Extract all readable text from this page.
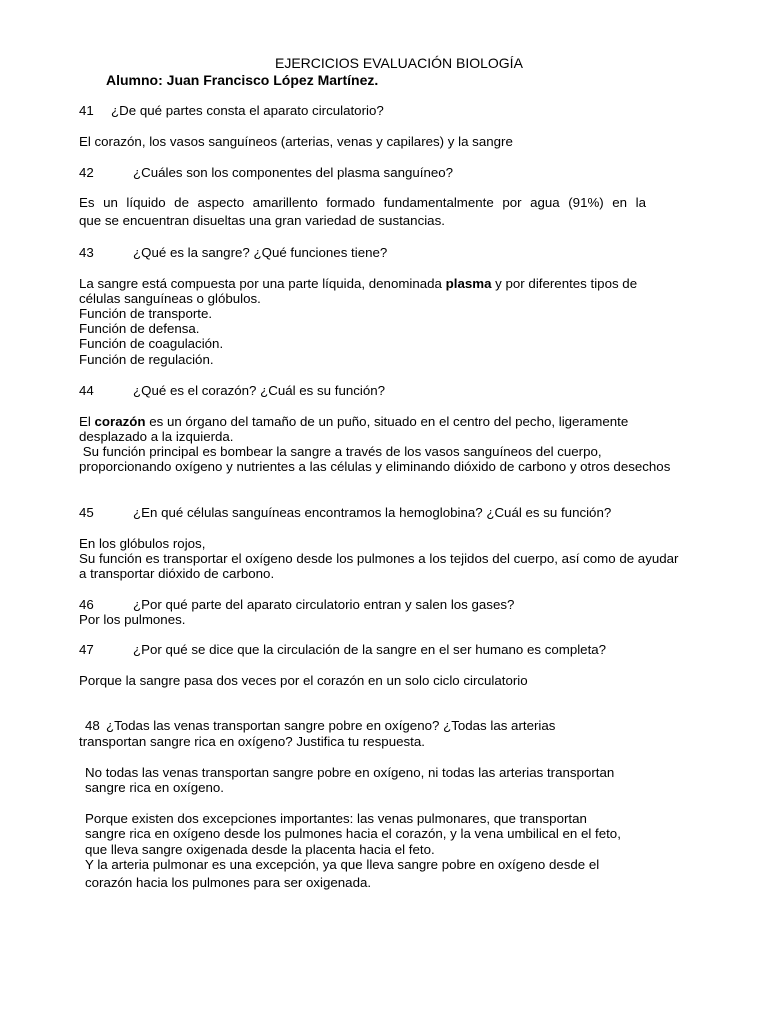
EJERCICIOS EVALUACIÓN BIOLOGÍA
Alumno: Juan Francisco López Martínez.
41 ¿De qué partes consta el aparato circulatorio?
El corazón, los vasos sanguíneos (arterias, venas y capilares) y la sangre
42	¿Cuáles son los componentes del plasma sanguíneo?
Es un líquido de aspecto amarillento formado fundamentalmente por agua (91%) en la
que se encuentran disueltas una gran variedad de sustancias.
43	¿Qué es la sangre? ¿Qué funciones tiene?
La sangre está compuesta por una parte líquida, denominada plasma y por diferentes tipos de
células sanguíneas o glóbulos.
Función de transporte.
Función de defensa.
Función de coagulación.
Función de regulación.
44	¿Qué es el corazón? ¿Cuál es su función?
El corazón es un órgano del tamaño de un puño, situado en el centro del pecho, ligeramente
desplazado a la izquierda.
Su función principal es bombear la sangre a través de los vasos sanguíneos del cuerpo,
proporcionando oxígeno y nutrientes a las células y eliminando dióxido de carbono y otros desechos
45	¿En qué células sanguíneas encontramos la hemoglobina? ¿Cuál es su función?
En los glóbulos rojos,
Su función es transportar el oxígeno desde los pulmones a los tejidos del cuerpo, así como de ayudar
a transportar dióxido de carbono.
46	¿Por qué parte del aparato circulatorio entran y salen los gases?
Por los pulmones.
47	¿Por qué se dice que la circulación de la sangre en el ser humano es completa?
Porque la sangre pasa dos veces por el corazón en un solo ciclo circulatorio
48 ¿Todas las venas transportan sangre pobre en oxígeno? ¿Todas las arterias
transportan sangre rica en oxígeno? Justifica tu respuesta.
No todas las venas transportan sangre pobre en oxígeno, ni todas las arterias transportan
sangre rica en oxígeno.
Porque existen dos excepciones importantes: las venas pulmonares, que transportan
sangre rica en oxígeno desde los pulmones hacia el corazón, y la vena umbilical en el feto,
que lleva sangre oxigenada desde la placenta hacia el feto.
Y la arteria pulmonar es una excepción, ya que lleva sangre pobre en oxígeno desde el
corazón hacia los pulmones para ser oxigenada.
